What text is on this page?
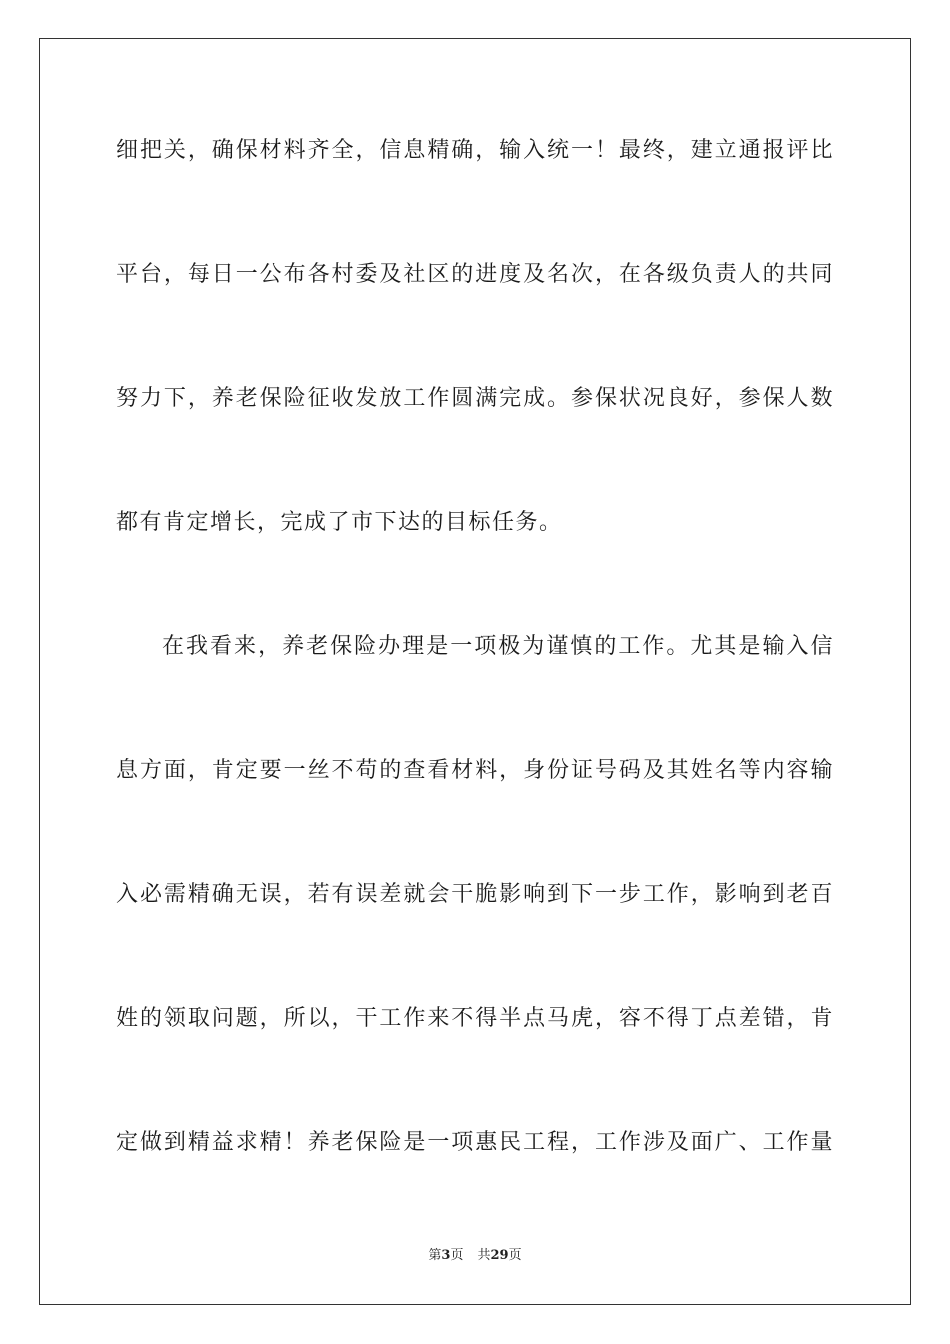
细把关，确保材料齐全，信息精确，输入统一！最终，建立通报评比
平台，每日一公布各村委及社区的进度及名次，在各级负责人的共同
努力下，养老保险征收发放工作圆满完成。参保状况良好，参保人数
都有肯定增长，完成了市下达的目标任务。
在我看来，养老保险办理是一项极为谨慎的工作。尤其是输入信
息方面，肯定要一丝不苟的查看材料，身份证号码及其姓名等内容输
入必需精确无误，若有误差就会干脆影响到下一步工作，影响到老百
姓的领取问题，所以，干工作来不得半点马虎，容不得丁点差错，肯
定做到精益求精！养老保险是一项惠民工程，工作涉及面广、工作量
第3页 共29页
